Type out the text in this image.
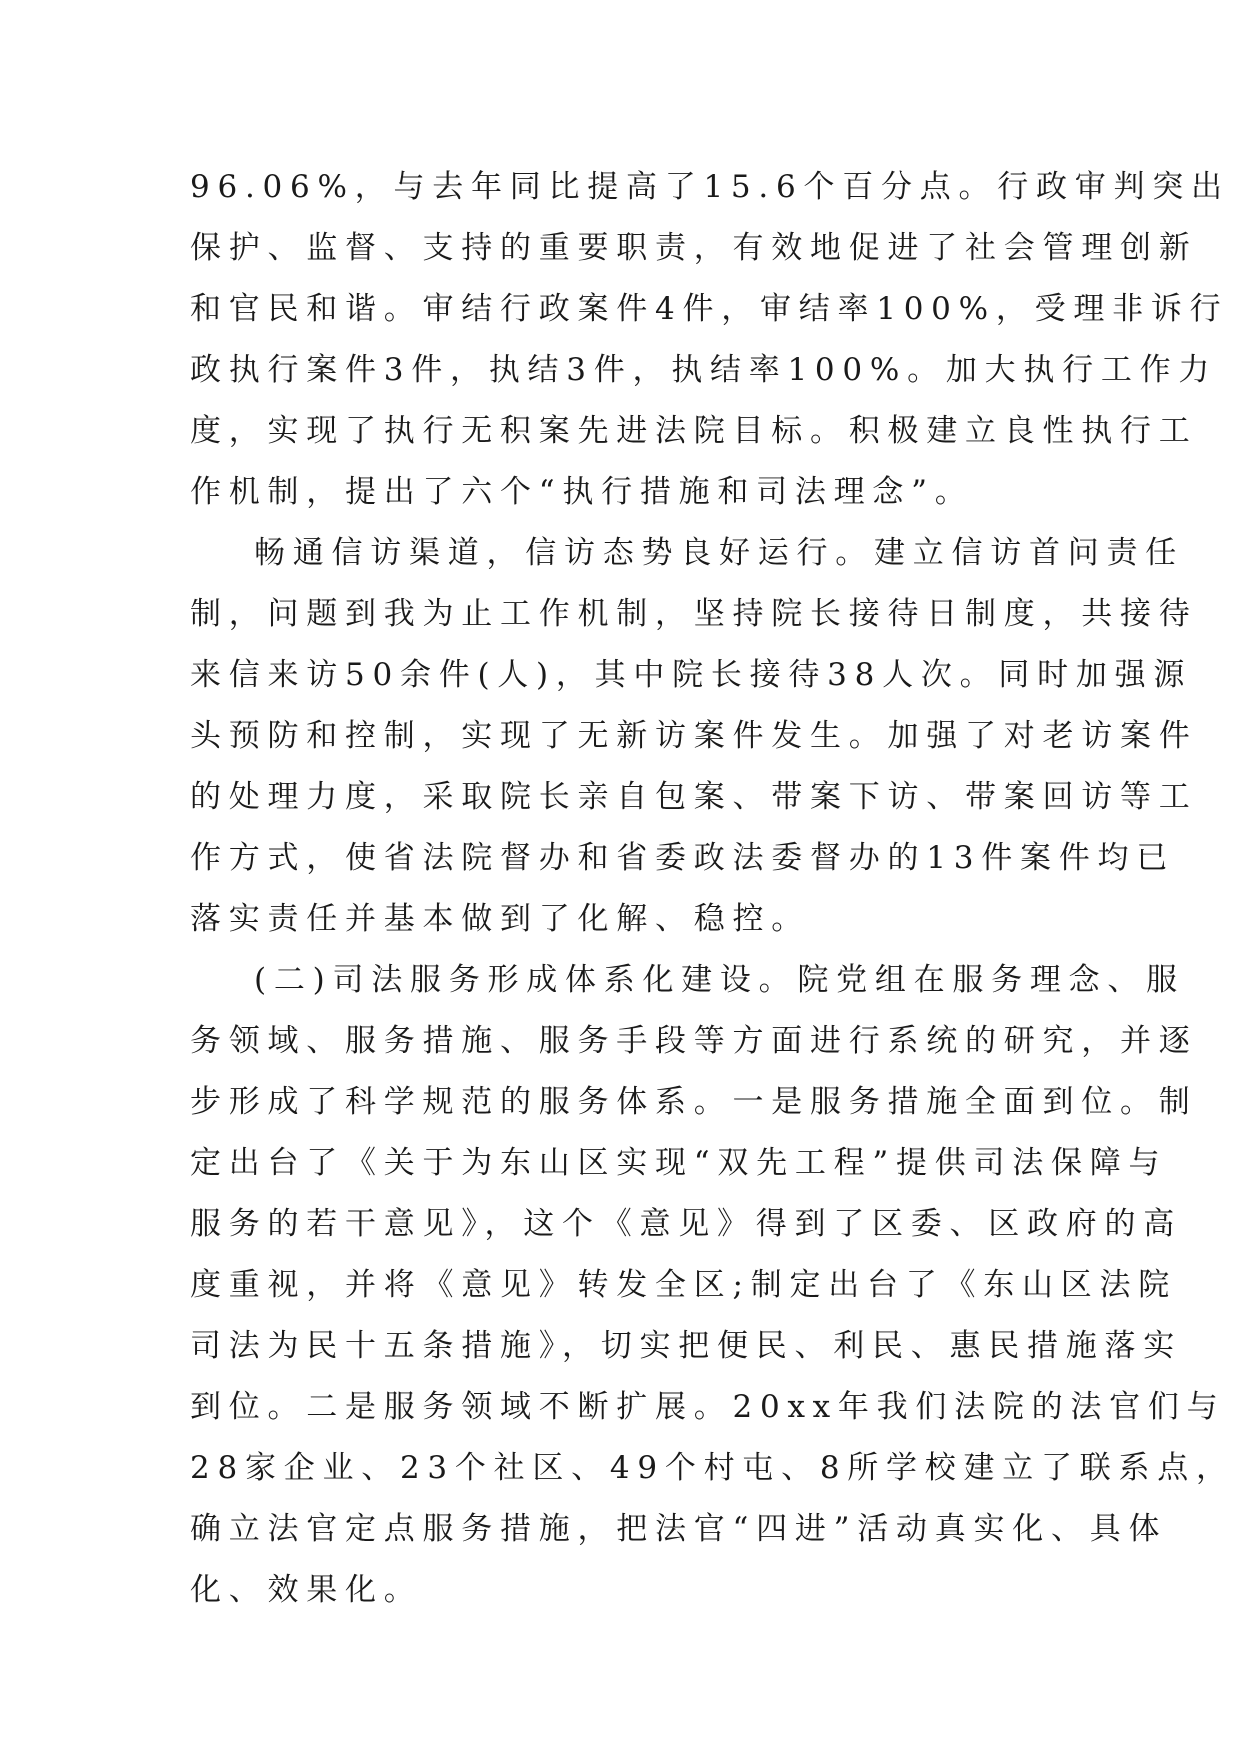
96.06%，与去年同比提高了15.6个百分点。行政审判突出
保护、监督、支持的重要职责，有效地促进了社会管理创新
和官民和谐。审结行政案件4件，审结率100%，受理非诉行
政执行案件3件，执结3件，执结率100%。加大执行工作力
度，实现了执行无积案先进法院目标。积极建立良性执行工
作机制，提出了六个“执行措施和司法理念”。
畅通信访渠道，信访态势良好运行。建立信访首问责任
制，问题到我为止工作机制，坚持院长接待日制度，共接待
来信来访50余件(人)，其中院长接待38人次。同时加强源
头预防和控制，实现了无新访案件发生。加强了对老访案件
的处理力度，采取院长亲自包案、带案下访、带案回访等工
作方式，使省法院督办和省委政法委督办的13件案件均已
落实责任并基本做到了化解、稳控。
(二)司法服务形成体系化建设。院党组在服务理念、服
务领域、服务措施、服务手段等方面进行系统的研究，并逐
步形成了科学规范的服务体系。一是服务措施全面到位。制
定出台了《关于为东山区实现“双先工程”提供司法保障与
服务的若干意见》，这个《意见》得到了区委、区政府的高
度重视，并将《意见》转发全区;制定出台了《东山区法院
司法为民十五条措施》，切实把便民、利民、惠民措施落实
到位。二是服务领域不断扩展。20xx年我们法院的法官们与
28家企业、23个社区、49个村屯、8所学校建立了联系点，
确立法官定点服务措施，把法官“四进”活动真实化、具体
化、效果化。
